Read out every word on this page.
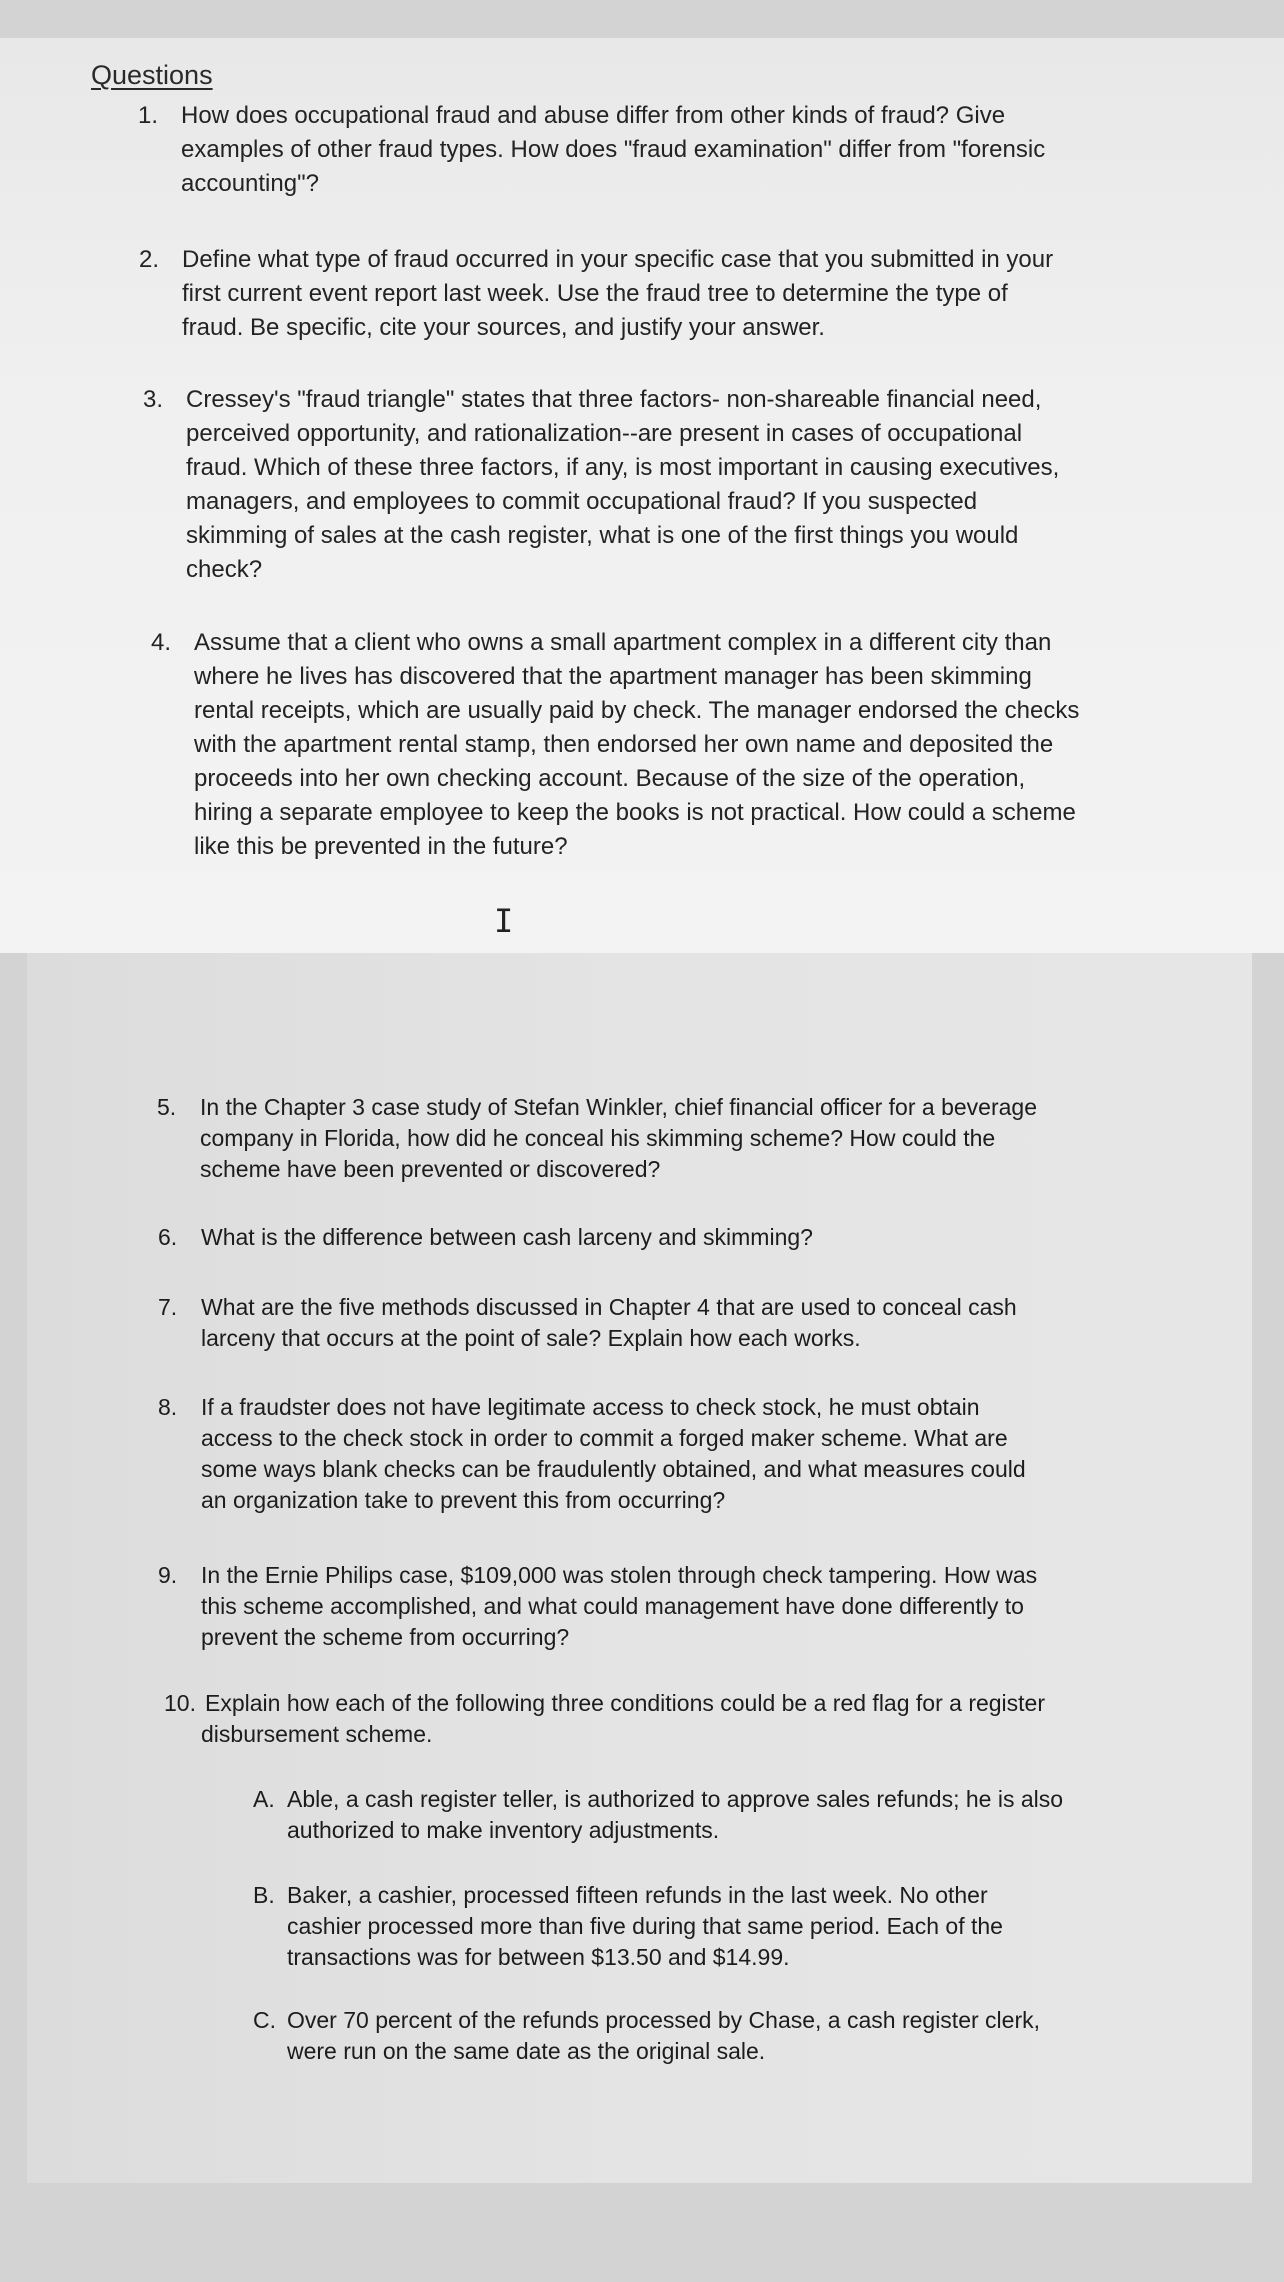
Questions
1. How does occupational fraud and abuse differ from other kinds of fraud? Give
examples of other fraud types. How does "fraud examination" differ from "forensic
accounting"?
2. Define what type of fraud occurred in your specific case that you submitted in your
first current event report last week. Use the fraud tree to determine the type of
fraud. Be specific, cite your sources, and justify your answer.
3. Cressey's "fraud triangle" states that three factors- non-shareable financial need,
perceived opportunity, and rationalization--are present in cases of occupational
fraud. Which of these three factors, if any, is most important in causing executives,
managers, and employees to commit occupational fraud? If you suspected
skimming of sales at the cash register, what is one of the first things you would
check?
4. Assume that a client who owns a small apartment complex in a different city than
where he lives has discovered that the apartment manager has been skimming
rental receipts, which are usually paid by check. The manager endorsed the checks
with the apartment rental stamp, then endorsed her own name and deposited the
proceeds into her own checking account. Because of the size of the operation,
hiring a separate employee to keep the books is not practical. How could a scheme
like this be prevented in the future?
I
5. In the Chapter 3 case study of Stefan Winkler, chief financial officer for a beverage
company in Florida, how did he conceal his skimming scheme? How could the
scheme have been prevented or discovered?
6. What is the difference between cash larceny and skimming?
7. What are the five methods discussed in Chapter 4 that are used to conceal cash
larceny that occurs at the point of sale? Explain how each works.
8. If a fraudster does not have legitimate access to check stock, he must obtain
access to the check stock in order to commit a forged maker scheme. What are
some ways blank checks can be fraudulently obtained, and what measures could
an organization take to prevent this from occurring?
9. In the Ernie Philips case, $109,000 was stolen through check tampering. How was
this scheme accomplished, and what could management have done differently to
prevent the scheme from occurring?
10. Explain how each of the following three conditions could be a red flag for a register
disbursement scheme.
A. Able, a cash register teller, is authorized to approve sales refunds; he is also
authorized to make inventory adjustments.
B. Baker, a cashier, processed fifteen refunds in the last week. No other
cashier processed more than five during that same period. Each of the
transactions was for between $13.50 and $14.99.
C. Over 70 percent of the refunds processed by Chase, a cash register clerk,
were run on the same date as the original sale.
